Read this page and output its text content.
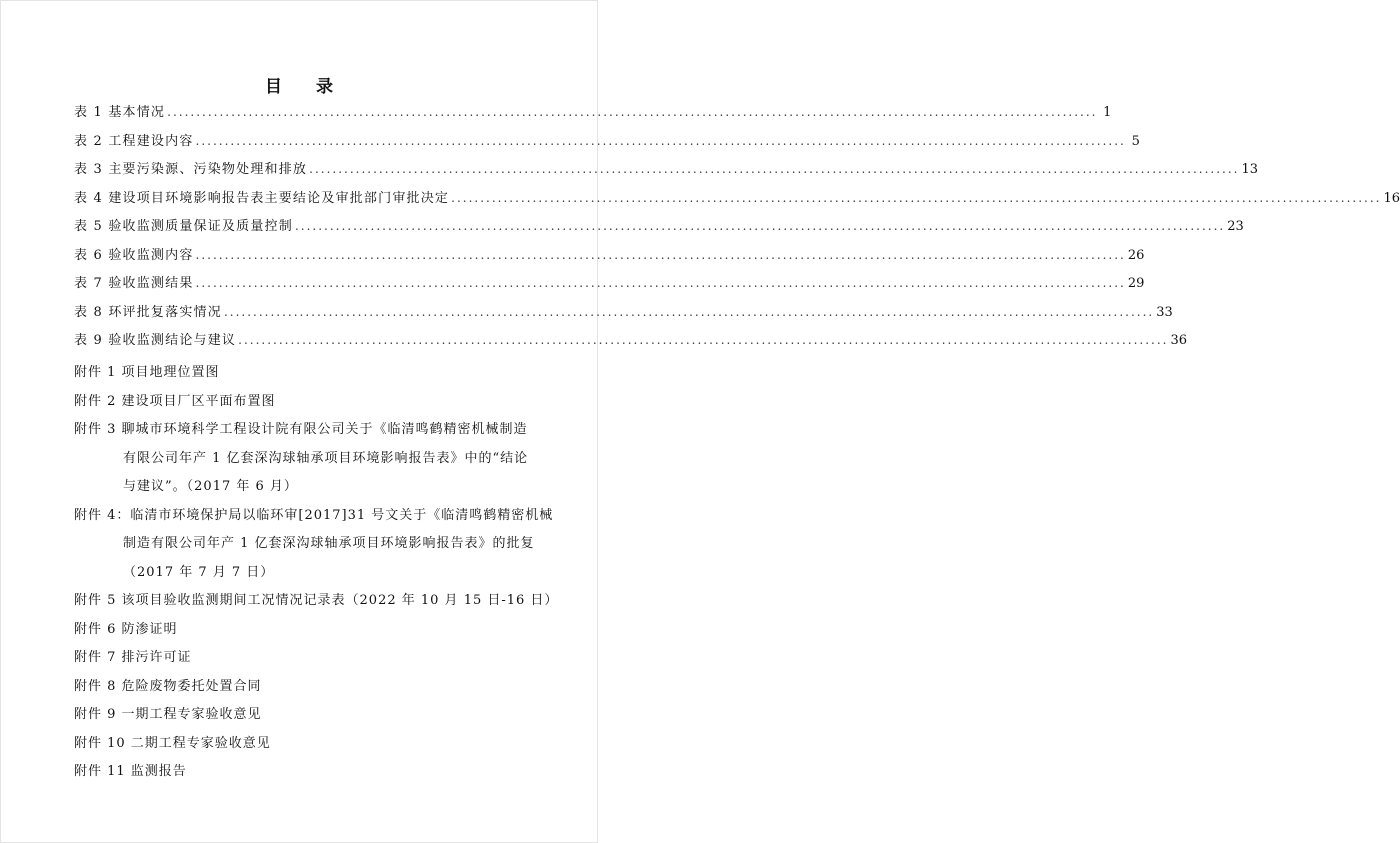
目 录
表 1 基本情况 ................................................................................................................................................................ 1
表 2 工程建设内容 ................................................................................................................................................................ 5
表 3 主要污染源、污染物处理和排放 ................................................................................................................................................................ 13
表 4 建设项目环境影响报告表主要结论及审批部门审批决定 ................................................................................................................................................................ 16
表 5 验收监测质量保证及质量控制 ................................................................................................................................................................ 23
表 6 验收监测内容 ................................................................................................................................................................ 26
表 7 验收监测结果 ................................................................................................................................................................ 29
表 8 环评批复落实情况 ................................................................................................................................................................ 33
表 9 验收监测结论与建议 ................................................................................................................................................................ 36
附件 1 项目地理位置图
附件 2 建设项目厂区平面布置图
附件 3 聊城市环境科学工程设计院有限公司关于《临清鸣鹤精密机械制造
有限公司年产 1 亿套深沟球轴承项目环境影响报告表》中的“结论
与建议”。（2017 年 6 月）
附件 4：临清市环境保护局以临环审[2017]31 号文关于《临清鸣鹤精密机械
制造有限公司年产 1 亿套深沟球轴承项目环境影响报告表》的批复
（2017 年 7 月 7 日）
附件 5 该项目验收监测期间工况情况记录表（2022 年 10 月 15 日-16 日）
附件 6 防渗证明
附件 7 排污许可证
附件 8 危险废物委托处置合同
附件 9 一期工程专家验收意见
附件 10 二期工程专家验收意见
附件 11 监测报告
